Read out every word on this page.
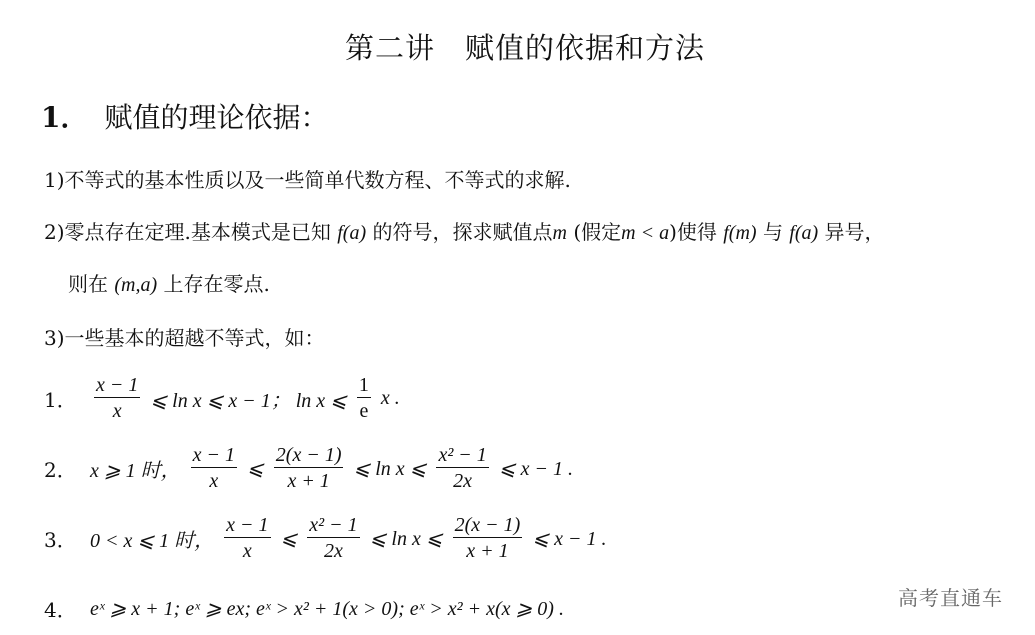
第二讲　赋值的依据和方法
1． 赋值的理论依据：
1)不等式的基本性质以及一些简单代数方程、不等式的求解.
2)零点存在定理.基本模式是已知 f(a) 的符号，探求赋值点m (假定m < a)使得 f(m) 与 f(a) 异号，
则在 (m,a) 上存在零点.
3)一些基本的超越不等式，如：
1． $\frac{x - 1}{x}$ ⩽ ln x ⩽ x − 1； ln x ⩽ $\frac{1}{e}$ x .
2． x ⩾ 1 时， $\frac{x - 1}{x}$ ⩽ $\frac{2(x - 1)}{x + 1}$ ⩽ ln x ⩽ $\frac{\text{x² − 1}}{2x}$ ⩽ x − 1 .
3． 0 < x ⩽ 1 时， $\frac{x - 1}{x}$ ⩽ $\frac{\text{x² − 1}}{2x}$ ⩽ ln x ⩽ $\frac{2(x - 1)}{x + 1}$ ⩽ x − 1 .
4． eˣ ⩾ x + 1; eˣ ⩾ ex; eˣ > x² + 1(x > 0); eˣ > x² + x(x ⩾ 0) .	高考直通车
